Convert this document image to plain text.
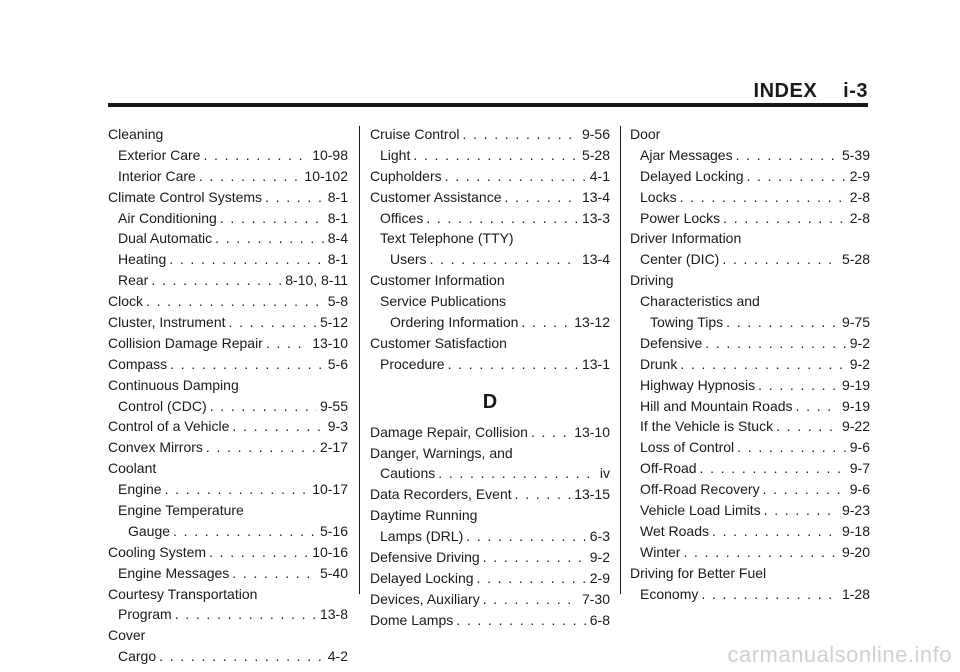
INDEX i-3
Cleaning
Exterior Care . . .	10-98
Interior Care . . .	10-102
Climate Control Systems . . .	8-1
Air Conditioning . . .	8-1
Dual Automatic . . .	8-4
Heating . . .	8-1
Rear . . .	8-10, 8-11
Clock . . .	5-8
Cluster, Instrument . . .	5-12
Collision Damage Repair . . .	13-10
Compass . . .	5-6
Continuous Damping
Control (CDC) . . .	9-55
Control of a Vehicle . . .	9-3
Convex Mirrors . . .	2-17
Coolant
Engine . . .	10-17
Engine Temperature
Gauge . . .	5-16
Cooling System . . .	10-16
Engine Messages . . .	5-40
Courtesy Transportation
Program . . .	13-8
Cover
Cargo . . .	4-2
Cruise Control . . .	9-56
Light . . .	5-28
Cupholders . . .	4-1
Customer Assistance . . .	13-4
Offices . . .	13-3
Text Telephone (TTY)
Users . . .	13-4
Customer Information
Service Publications
Ordering Information . . .	13-12
Customer Satisfaction
Procedure . . .	13-1
D
Damage Repair, Collision . . .	13-10
Danger, Warnings, and
Cautions . . .	iv
Data Recorders, Event . . .	13-15
Daytime Running
Lamps (DRL) . . .	6-3
Defensive Driving . . .	9-2
Delayed Locking . . .	2-9
Devices, Auxiliary . . .	7-30
Dome Lamps . . .	6-8
Door
Ajar Messages . . .	5-39
Delayed Locking . . .	2-9
Locks . . .	2-8
Power Locks . . .	2-8
Driver Information
Center (DIC) . . .	5-28
Driving
Characteristics and
Towing Tips . . .	9-75
Defensive . . .	9-2
Drunk . . .	9-2
Highway Hypnosis . . .	9-19
Hill and Mountain Roads . . .	9-19
If the Vehicle is Stuck . . .	9-22
Loss of Control . . .	9-6
Off-Road . . .	9-7
Off-Road Recovery . . .	9-6
Vehicle Load Limits . . .	9-23
Wet Roads . . .	9-18
Winter . . .	9-20
Driving for Better Fuel
Economy . . .	1-28
carmanualsonline.info
